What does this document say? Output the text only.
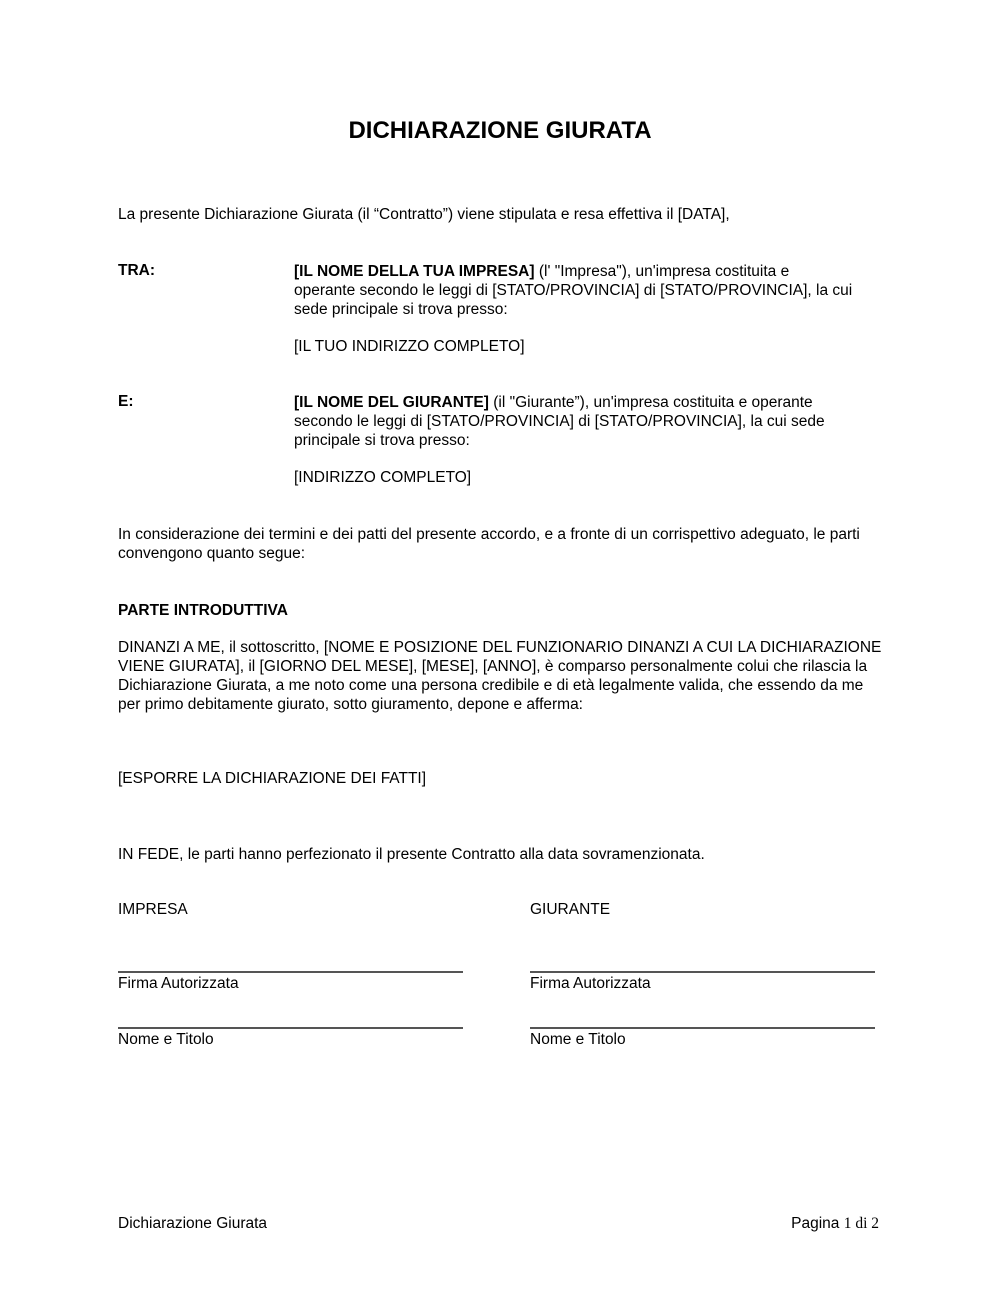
DICHIARAZIONE GIURATA
La presente Dichiarazione Giurata (il “Contratto”) viene stipulata e resa effettiva il [DATA],
TRA:	[IL NOME DELLA TUA IMPRESA] (l' "Impresa"), un'impresa costituita e
operante secondo le leggi di [STATO/PROVINCIA] di [STATO/PROVINCIA], la cui sede principale si trova presso:
[IL TUO INDIRIZZO COMPLETO]
E:	[IL NOME DEL GIURANTE] (il "Giurante”), un'impresa costituita e operante secondo le leggi di [STATO/PROVINCIA] di [STATO/PROVINCIA], la cui sede principale si trova presso:
[INDIRIZZO COMPLETO]
In considerazione dei termini e dei patti del presente accordo, e a fronte di un corrispettivo adeguato, le parti convengono quanto segue:
PARTE INTRODUTTIVA
DINANZI A ME, il sottoscritto, [NOME E POSIZIONE DEL FUNZIONARIO DINANZI A CUI LA DICHIARAZIONE VIENE GIURATA], il [GIORNO DEL MESE], [MESE], [ANNO], è comparso personalmente colui che rilascia la Dichiarazione Giurata, a me noto come una persona credibile e di età legalmente valida, che essendo da me per primo debitamente giurato, sotto giuramento, depone e afferma:
[ESPORRE LA DICHIARAZIONE DEI FATTI]
IN FEDE, le parti hanno perfezionato il presente Contratto alla data sovramenzionata.
IMPRESA	GIURANTE
Firma Autorizzata	Firma Autorizzata
Nome e Titolo	Nome e Titolo
Dichiarazione Giurata	Pagina 1 di 2
